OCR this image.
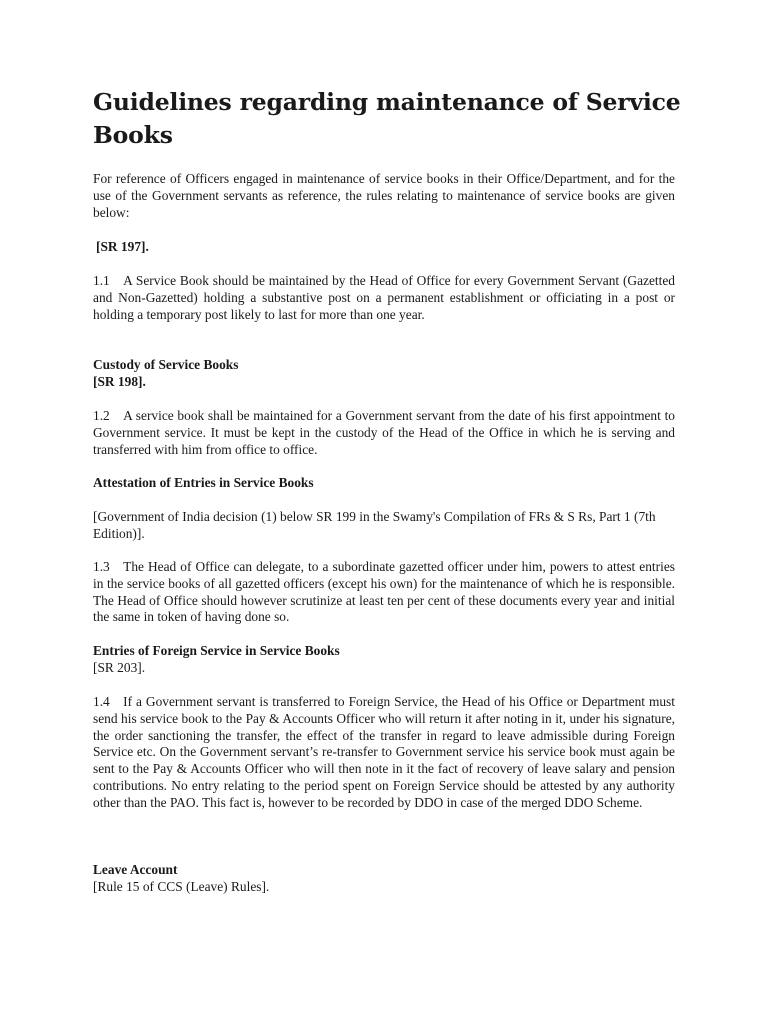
Guidelines regarding maintenance of Service Books

For reference of Officers engaged in maintenance of service books in their Office/Department, and for the use of the Government servants as reference, the rules relating to maintenance of service books are given below:

[SR 197].

1.1 A Service Book should be maintained by the Head of Office for every Government Servant (Gazetted and Non-Gazetted) holding a substantive post on a permanent establishment or officiating in a post or holding a temporary post likely to last for more than one year.

Custody of Service Books

[SR 198].

1.2 A service book shall be maintained for a Government servant from the date of his first appointment to Government service. It must be kept in the custody of the Head of the Office in which he is serving and transferred with him from office to office.

Attestation of Entries in Service Books

[Government of India decision (1) below SR 199 in the Swamy's Compilation of FRs & S Rs, Part 1 (7th Edition)].

1.3 The Head of Office can delegate, to a subordinate gazetted officer under him, powers to attest entries in the service books of all gazetted officers (except his own) for the maintenance of which he is responsible. The Head of Office should however scrutinize at least ten per cent of these documents every year and initial the same in token of having done so.

Entries of Foreign Service in Service Books

[SR 203].

1.4 If a Government servant is transferred to Foreign Service, the Head of his Office or Department must send his service book to the Pay & Accounts Officer who will return it after noting in it, under his signature, the order sanctioning the transfer, the effect of the transfer in regard to leave admissible during Foreign Service etc. On the Government servant’s re-transfer to Government service his service book must again be sent to the Pay & Accounts Officer who will then note in it the fact of recovery of leave salary and pension contributions. No entry relating to the period spent on Foreign Service should be attested by any authority other than the PAO. This fact is, however to be recorded by DDO in case of the merged DDO Scheme.

Leave Account

[Rule 15 of CCS (Leave) Rules].
